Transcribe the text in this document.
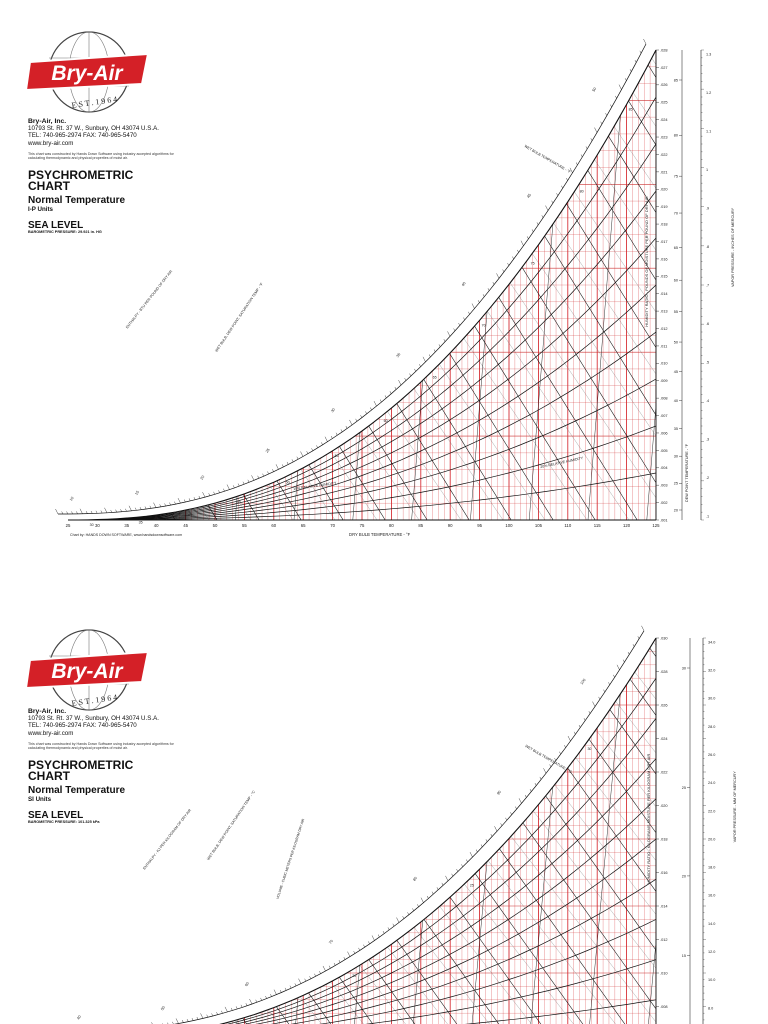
Bry-Air
E S T . 1 9 6 4
Bry-Air, Inc.
10793 St. Rt. 37 W., Sunbury, OH 43074 U.S.A.
TEL: 740-965-2974 FAX: 740-965-5470
www.bry-air.com
This chart was constructed by Hands Down Software using industry accepted algorithms for calculating thermodynamic and physical properties of moist air.
PSYCHROMETRIC CHART
Normal Temperature
I-P Units
SEA LEVEL
BAROMETRIC PRESSURE: 29.921 in. HG
10
15
20
25
30
35
40
45
50
ENTHALPY - BTU PER POUND OF DRY AIR	WET BULB, DEW POINT, SATURATION TEMP - °F
30
35
40
45
50
55
60
65
70
75
80
85
WET BULB TEMPERATURE - °F
10% RELATIVE HUMIDITY
20% RELATIVE HUMIDITY
25	30	35	40	45	50	55	60	65	70	75	80	85	90	95	100	105	110	115	120	125
DRY BULB TEMPERATURE - °F
Chart by: HANDS DOWN SOFTWARE, www.handsdownsoftware.com
.028
.027
.026
.025
.024
.023
.022
.021
.020
.019
.018
.017
.016
.015
.014
.013
.012
.011
.010
.009
.008
.007
.006
.005
.004
.003
.002
.001
HUMIDITY RATIO - POUNDS OF MOISTURE PER POUND OF DRY AIR
85
80
75
70
65
60
55
50
45
40
35
30
25
20
DEW POINT TEMPERATURE - °F
1.3
1.2
1.1
1
.9
.8
.7
.6
.5
.4
.3
.2
.1
VAPOR PRESSURE - INCHES OF MERCURY
Bry-Air
E S T . 1 9 6 4
Bry-Air, Inc.
10793 St. Rt. 37 W., Sunbury, OH 43074 U.S.A.
TEL: 740-965-2974 FAX: 740-965-5470
www.bry-air.com
This chart was constructed by Hands Down Software using industry accepted algorithms for calculating thermodynamic and physical properties of moist air.
PSYCHROMETRIC CHART
Normal Temperature
SI Units
SEA LEVEL
BAROMETRIC PRESSURE: 101.325 kPa
40
50
60
70
80
90
100
ENTHALPY - KJ PER KILOGRAM OF DRY AIR	WET BULB, DEW POINT, SATURATION TEMP - °C
20
25
30
WET BULB TEMPERATURE - °C
VOLUME - CUBIC METERS PER KILOGRAM DRY AIR
.030
.028
.026
.024
.022
.020
.018
.016
.014
.012
.010
.008
HUMIDITY RATIO - KILOGRAMS MOISTURE PER KILOGRAM DRY AIR
30
25
20
15
34.0
32.0
30.0
28.0
26.0
24.0
22.0
20.0
18.0
16.0
14.0
12.0
10.0
8.0
VAPOR PRESSURE - MM OF MERCURY
